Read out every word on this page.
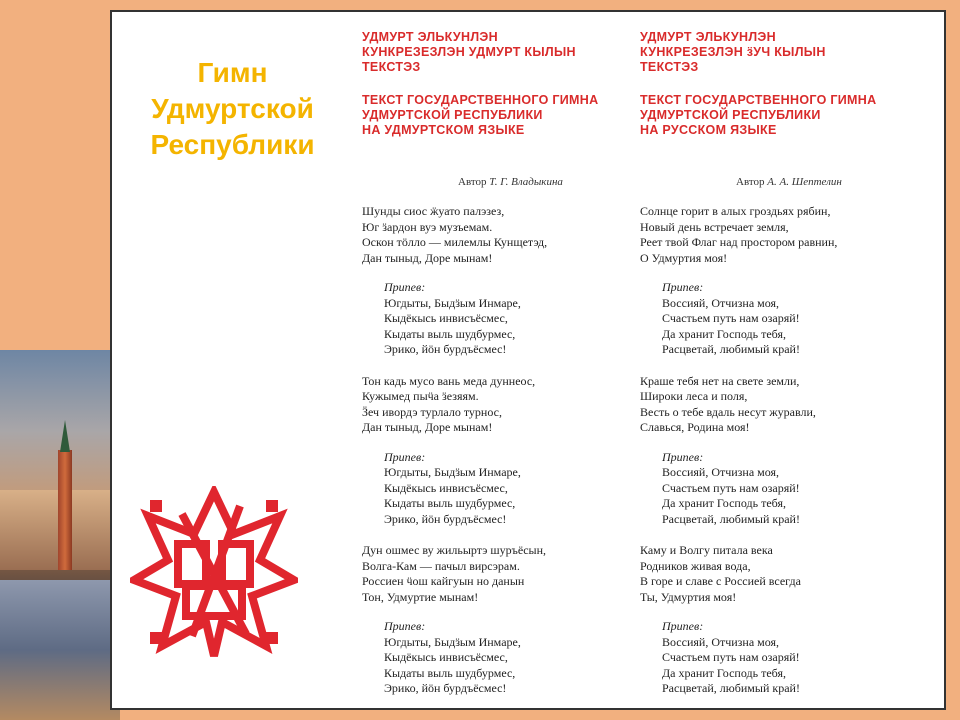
Гимн
Удмуртской
Республики
УДМУРТ ЭЛЬКУНЛЭН
КУНКРЕЗЕЗЛЭН УДМУРТ КЫЛЫН
ТЕКСТЭЗ
ТЕКСТ ГОСУДАРСТВЕННОГО ГИМНА
УДМУРТСКОЙ РЕСПУБЛИКИ
НА УДМУРТСКОМ ЯЗЫКЕ
Автор Т. Г. Владыкина
Шунды сиос ӝуато палэзез,
Юг ӟардон вуэ музъемам.
Оскон тӧлло — милемлы Кунщетэд,
Дан тыныд, Доре мынам!
Припев:
Югдыты, Быдӟым Инмаре,
Кыдёкысь инвисъёсмес,
Кыдаты выль шудбурмес,
Эрико, йӧн бурдъёсмес!
Тон кадь мусо вань меда дуннеос,
Кужымед пыӵа ӟезяям.
Ӟеч ивордэ турлало турнос,
Дан тыныд, Доре мынам!
Припев:
Югдыты, Быдӟым Инмаре,
Кыдёкысь инвисъёсмес,
Кыдаты выль шудбурмес,
Эрико, йӧн бурдъёсмес!
Дун ошмес ву жильыртэ шуръёсын,
Волга-Кам — пачыл вирсэрам.
Россиен ӵош кайгуын но данын
Тон, Удмуртие мынам!
Припев:
Югдыты, Быдӟым Инмаре,
Кыдёкысь инвисъёсмес,
Кыдаты выль шудбурмес,
Эрико, йӧн бурдъёсмес!
УДМУРТ ЭЛЬКУНЛЭН
КУНКРЕЗЕЗЛЭН ӟУЧ КЫЛЫН
ТЕКСТЭЗ
ТЕКСТ ГОСУДАРСТВЕННОГО ГИМНА
УДМУРТСКОЙ РЕСПУБЛИКИ
НА РУССКОМ ЯЗЫКЕ
Автор А. А. Шептелин
Солнце горит в алых гроздьях рябин,
Новый день встречает земля,
Реет твой Флаг над простором равнин,
О Удмуртия моя!
Припев:
Воссияй, Отчизна моя,
Счастьем путь нам озаряй!
Да хранит Господь тебя,
Расцветай, любимый край!
Краше тебя нет на свете земли,
Широки леса и поля,
Весть о тебе вдаль несут журавли,
Славься, Родина моя!
Припев:
Воссияй, Отчизна моя,
Счастьем путь нам озаряй!
Да хранит Господь тебя,
Расцветай, любимый край!
Каму и Волгу питала века
Родников живая вода,
В горе и славе с Россией всегда
Ты, Удмуртия моя!
Припев:
Воссияй, Отчизна моя,
Счастьем путь нам озаряй!
Да хранит Господь тебя,
Расцветай, любимый край!
